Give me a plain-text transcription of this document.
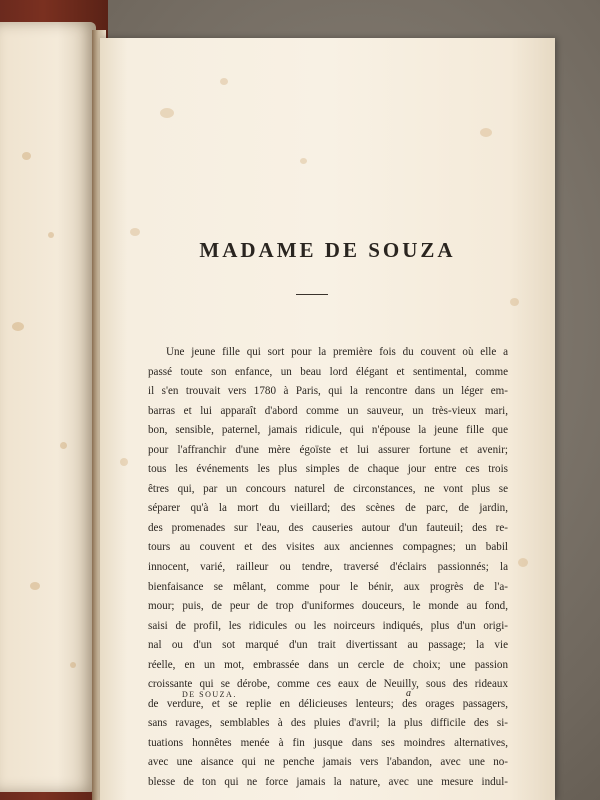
MADAME DE SOUZA
Une jeune fille qui sort pour la première fois du couvent où elle a
passé toute son enfance, un beau lord élégant et sentimental, comme
il s'en trouvait vers 1780 à Paris, qui la rencontre dans un léger em-
barras et lui apparaît d'abord comme un sauveur, un très-vieux mari,
bon, sensible, paternel, jamais ridicule, qui n'épouse la jeune fille que
pour l'affranchir d'une mère égoïste et lui assurer fortune et avenir;
tous les événements les plus simples de chaque jour entre ces trois
êtres qui, par un concours naturel de circonstances, ne vont plus se
séparer qu'à la mort du vieillard; des scènes de parc, de jardin,
des promenades sur l'eau, des causeries autour d'un fauteuil; des re-
tours au couvent et des visites aux anciennes compagnes; un babil
innocent, varié, railleur ou tendre, traversé d'éclairs passionnés; la
bienfaisance se mêlant, comme pour le bénir, aux progrès de l'a-
mour; puis, de peur de trop d'uniformes douceurs, le monde au fond,
saisi de profil, les ridicules ou les noirceurs indiqués, plus d'un origi-
nal ou d'un sot marqué d'un trait divertissant au passage; la vie
réelle, en un mot, embrassée dans un cercle de choix; une passion
croissante qui se dérobe, comme ces eaux de Neuilly, sous des rideaux
de verdure, et se replie en délicieuses lenteurs; des orages passagers,
sans ravages, semblables à des pluies d'avril; la plus difficile des si-
tuations honnêtes menée à fin jusque dans ses moindres alternatives,
avec une aisance qui ne penche jamais vers l'abandon, avec une no-
blesse de ton qui ne force jamais la nature, avec une mesure indul-
DE SOUZA.	a
